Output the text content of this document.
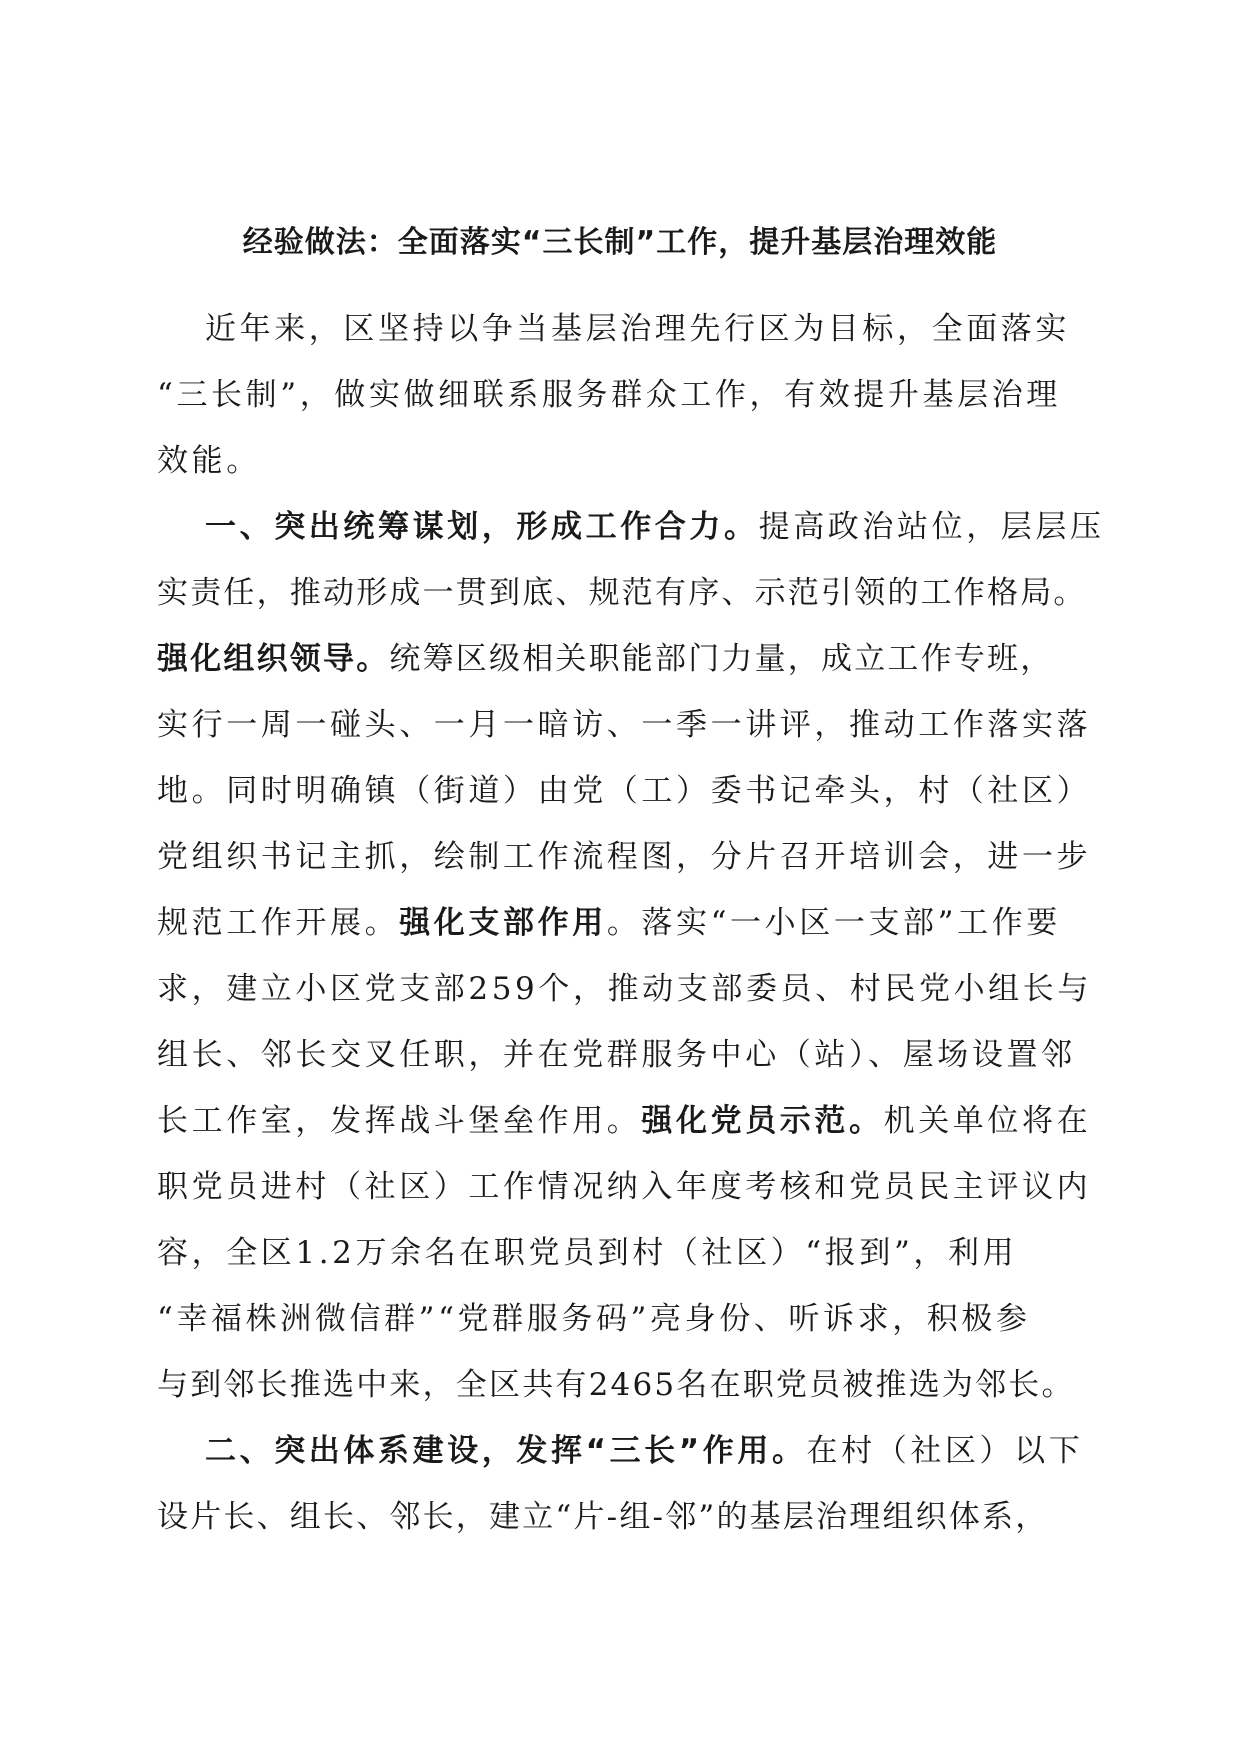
经验做法：全面落实“三长制”工作，提升基层治理效能
近年来，区坚持以争当基层治理先行区为目标，全面落实
“三长制”，做实做细联系服务群众工作，有效提升基层治理
效能。
一、突出统筹谋划，形成工作合力。提高政治站位，层层压
实责任，推动形成一贯到底、规范有序、示范引领的工作格局。
强化组织领导。统筹区级相关职能部门力量，成立工作专班，
实行一周一碰头、一月一暗访、一季一讲评，推动工作落实落
地。同时明确镇（街道）由党（工）委书记牵头，村（社区）
党组织书记主抓，绘制工作流程图，分片召开培训会，进一步
规范工作开展。强化支部作用。落实“一小区一支部”工作要
求，建立小区党支部259个，推动支部委员、村民党小组长与
组长、邻长交叉任职，并在党群服务中心（站）、屋场设置邻
长工作室，发挥战斗堡垒作用。强化党员示范。机关单位将在
职党员进村（社区）工作情况纳入年度考核和党员民主评议内
容，全区1.2万余名在职党员到村（社区）“报到”，利用
“幸福株洲微信群”“党群服务码”亮身份、听诉求，积极参
与到邻长推选中来，全区共有2465名在职党员被推选为邻长。
二、突出体系建设，发挥“三长”作用。在村（社区）以下
设片长、组长、邻长，建立“片-组-邻”的基层治理组织体系，
